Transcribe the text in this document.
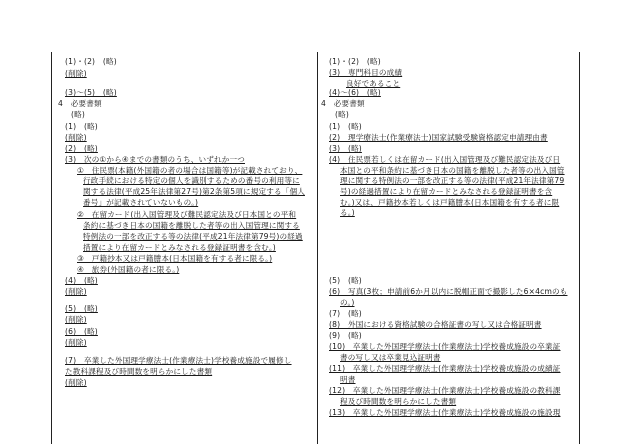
(1)・(2)　(略)
(削除)
(3)～(5)　(略)
4　必要書類
(略)
(1)　(略)
(削除)
(2)　(略)
(3)　次の①から④までの書類のうち、いずれか一つ
①　住民票(本籍(外国籍の者の場合は国籍等)が記載されており、
行政手続における特定の個人を識別するための番号の利用等に
関する法律(平成25年法律第27号)第2条第5項に規定する「個人
番号」が記載されていないもの。)
②　在留カード(出入国管理及び難民認定法及び日本国との平和
条約に基づき日本の国籍を離脱した者等の出入国管理に関する
特例法の一部を改正する等の法律(平成21年法律第79号)の経過
措置により在留カードとみなされる登録証明書を含む。)
③　戸籍抄本又は戸籍謄本(日本国籍を有する者に限る。)
④　旅券(外国籍の者に限る。)
(4)　(略)
(削除)
(5)　(略)
(削除)
(6)　(略)
(削除)
(7)　卒業した外国理学療法士(作業療法士)学校養成施設で履修し
た教科課程及び時間数を明らかにした書類
(削除)
(1)・(2)　(略)
(3)　専門科目の成績
良好であること
(4)～(6)　(略)
4　必要書類
(略)
(1)　(略)
(2)　理学療法士(作業療法士)国家試験受験資格認定申請理由書
(3)　(略)
(4)　住民票若しくは在留カード(出入国管理及び難民認定法及び日
本国との平和条約に基づき日本の国籍を離脱した者等の出入国管
理に関する特例法の一部を改正する等の法律(平成21年法律第79
号)の経過措置により在留カードとみなされる登録証明書を含
む。)又は、戸籍抄本若しくは戸籍謄本(日本国籍を有する者に限
る。)
(5)　(略)
(6)　写真(3枚；申請前6か月以内に脱帽正面で撮影した6×4cmのも
の。)
(7)　(略)
(8)　外国における資格試験の合格証書の写し又は合格証明書
(9)　(略)
(10)　卒業した外国理学療法士(作業療法士)学校養成施設の卒業証
書の写し又は卒業見込証明書
(11)　卒業した外国理学療法士(作業療法士)学校養成施設の成績証
明書
(12)　卒業した外国理学療法士(作業療法士)学校養成施設の教科課
程及び時間数を明らかにした書類
(13)　卒業した外国理学療法士(作業療法士)学校養成施設の施設現
